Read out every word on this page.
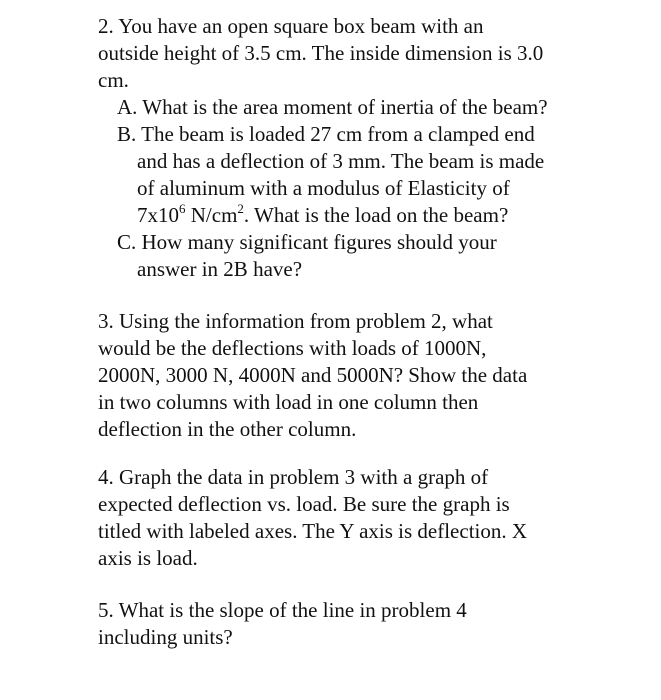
2. You have an open square box beam with an

outside height of 3.5 cm. The inside dimension is 3.0

cm.

A. What is the area moment of inertia of the beam?

B. The beam is loaded 27 cm from a clamped end

and has a deflection of 3 mm. The beam is made

of aluminum with a modulus of Elasticity of

$7x10^6$ $N/cm^2$. What is the load on the beam?

C. How many significant figures should your

answer in 2B have?

3. Using the information from problem 2, what

would be the deflections with loads of 1000N,

2000N, 3000 N, 4000N and 5000N? Show the data

in two columns with load in one column then

deflection in the other column.

4. Graph the data in problem 3 with a graph of

expected deflection vs. load. Be sure the graph is

titled with labeled axes. The Y axis is deflection. X

axis is load.

5. What is the slope of the line in problem 4

including units?
